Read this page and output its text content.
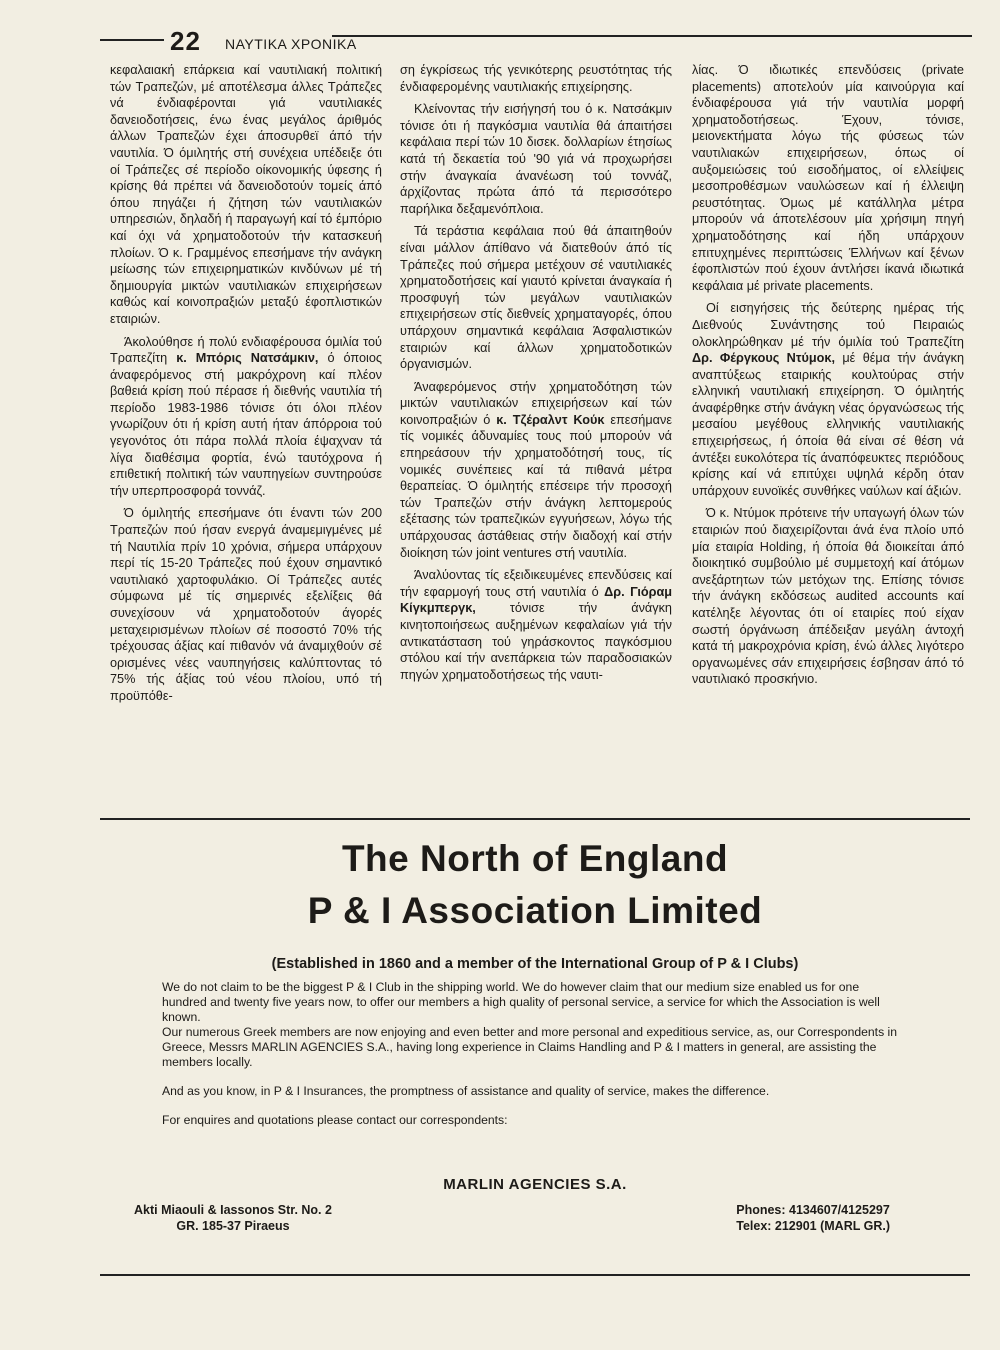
22 ΝΑΥΤΙΚΑ ΧΡΟΝΙΚΑ

κεφαλαιακή επάρκεια καί ναυτιλιακή πολιτική τών Τραπεζών, μέ αποτέλεσμα άλλες Τράπεζες νά ένδιαφέρονται γιά ναυτιλιακές δανειοδοτήσεις, ένω ένας μεγάλος άριθμός άλλων Τραπεζών έχει άποσυρθεϊ άπό τήν ναυτιλία. Ό όμιλητής στή συνέχεια υπέδειξε ότι οί Τράπεζες σέ περίοδο οίκονομικής ύφεσης ή κρίσης θά πρέπει νά δανειοδοτούν τομείς άπό όπου πηγάζει ή ζήτηση τών ναυτιλιακών υπηρεσιών, δηλαδή ή παραγωγή καί τό έμπόριο καί όχι νά χρηματοδοτούν τήν κατασκευή πλοίων. Ό κ. Γραμμένος επεσήμανε τήν ανάγκη μείωσης τών επιχειρηματικών κινδύνων μέ τή δημιουργία μικτών ναυτιλιακών επιχειρήσεων καθώς καί κοινοπραξιών μεταξύ έφοπλιστικών εταιριών.

Άκολούθησε ή πολύ ενδιαφέρουσα όμιλία τού Τραπεζίτη κ. Μπόρις Νατσάμκιν, ό όποιος άναφερόμενος στή μακρόχρονη καί πλέον βαθειά κρίση πού πέρασε ή διεθνής ναυτιλία τή περίοδο 1983-1986 τόνισε ότι όλοι πλέον γνωρίζουν ότι ή κρίση αυτή ήταν άπόρροια τού γεγονότος ότι πάρα πολλά πλοία έψαχναν τά λίγα διαθέσιμα φορτία, ένώ ταυτόχρονα ή επιθετική πολιτική τών ναυπηγείων συντηρούσε τήν υπερπροσφορά τοννάζ.

Ό όμιλητής επεσήμανε ότι έναντι τών 200 Τραπεζών πού ήσαν ενεργά άναμεμιγμένες μέ τή Ναυτιλία πρίν 10 χρόνια, σήμερα υπάρχουν περί τίς 15-20 Τράπεζες πού έχουν σημαντικό ναυτιλιακό χαρτοφυλάκιο. Οί Τράπεζες αυτές σύμφωνα μέ τίς σημερινές εξελίξεις θά συνεχίσουν νά χρηματοδοτούν άγορές μεταχειρισμένων πλοίων σέ ποσοστό 70% τής τρέχουσας άξίας καί πιθανόν νά άναμιχθούν σέ ορισμένες νέες ναυπηγήσεις καλύπτοντας τό 75% τής άξίας τού νέου πλοίου, υπό τή προϋπόθε-

ση έγκρίσεως τής γενικότερης ρευστότητας τής ένδιαφερομένης ναυτιλιακής επιχείρησης.

Κλείνοντας τήν εισήγησή του ό κ. Νατσάκμιν τόνισε ότι ή παγκόσμια ναυτιλία θά άπαιτήσει κεφάλαια περί τών 10 δισεκ. δολλαρίων έτησίως κατά τή δεκαετία τού '90 γιά νά προχωρήσει στήν άναγκαία άνανέωση τού τοννάζ, άρχίζοντας πρώτα άπό τά περισσότερο παρήλικα δεξαμενόπλοια.

Τά τεράστια κεφάλαια πού θά άπαιτηθούν είναι μάλλον άπίθανο νά διατεθούν άπό τίς Τράπεζες πού σήμερα μετέχουν σέ ναυτιλιακές χρηματοδοτήσεις καί γιαυτό κρίνεται άναγκαία ή προσφυγή τών μεγάλων ναυτιλιακών επιχειρήσεων στίς διεθνείς χρηματαγορές, όπου υπάρχουν σημαντικά κεφάλαια Άσφαλιστικών εταιριών καί άλλων χρηματοδοτικών όργανισμών.

Άναφερόμενος στήν χρηματοδότηση τών μικτών ναυτιλιακών επιχειρήσεων καί τών κοινοπραξιών ό κ. Τζέραλντ Κούκ επεσήμανε τίς νομικές άδυναμίες τους πού μπορούν νά επηρεάσουν τήν χρηματοδότησή τους, τίς νομικές συνέπειες καί τά πιθανά μέτρα θεραπείας. Ό όμιλητής επέσειρε τήν προσοχή τών Τραπεζών στήν άνάγκη λεπτομερούς εξέτασης τών τραπεζικών εγγυήσεων, λόγω τής υπάρχουσας άστάθειας στήν διαδοχή καί στήν διοίκηση τών joint ventures στή ναυτιλία.

Άναλύοντας τίς εξειδικευμένες επενδύσεις καί τήν εφαρμογή τους στή ναυτιλία ό Δρ. Γιόραμ Κίγκμπεργκ, τόνισε τήν άνάγκη κινητοποιήσεως αυξημένων κεφαλαίων γιά τήν αντικατάσταση τού γηράσκοντος παγκόσμιου στόλου καί τήν ανεπάρκεια τών παραδοσιακών πηγών χρηματοδοτήσεως τής ναυτι-

λίας. Ό ιδιωτικές επενδύσεις (private placements) αποτελούν μία καινούργια καί ένδιαφέρουσα γιά τήν ναυτιλία μορφή χρηματοδοτήσεως. Έχουν, τόνισε, μειονεκτήματα λόγω τής φύσεως τών ναυτιλιακών επιχειρήσεων, όπως οί αυξομειώσεις τού εισοδήματος, οί ελλείψεις μεσοπροθέσμων ναυλώσεων καί ή έλλειψη ρευστότητας. Όμως μέ κατάλληλα μέτρα μπορούν νά άποτελέσουν μία χρήσιμη πηγή χρηματοδότησης καί ήδη υπάρχουν επιτυχημένες περιπτώσεις Έλλήνων καί ξένων έφοπλιστών πού έχουν άντλήσει ίκανά ιδιωτικά κεφάλαια μέ private placements.

Οί εισηγήσεις τής δεύτερης ημέρας τής Διεθνούς Συνάντησης τού Πειραιώς ολοκληρώθηκαν μέ τήν όμιλία τού Τραπεζίτη Δρ. Φέργκους Ντύμοκ, μέ θέμα τήν άνάγκη αναπτύξεως εταιρικής κουλτούρας στήν ελληνική ναυτιλιακή επιχείρηση. Ό όμιλητής άναφέρθηκε στήν άνάγκη νέας όργανώσεως τής μεσαίου μεγέθους ελληνικής ναυτιλιακής επιχειρήσεως, ή όποία θά είναι σέ θέση νά άντέξει ευκολότερα τίς άναπόφευκτες περιόδους κρίσης καί νά επιτύχει υψηλά κέρδη όταν υπάρχουν ευνοϊκές συνθήκες ναύλων καί άξιών.

Ό κ. Ντύμοκ πρότεινε τήν υπαγωγή όλων τών εταιριών πού διαχειρίζονται άνά ένα πλοίο υπό μία εταιρία Holding, ή όποία θά διοικείται άπό διοικητικό συμβούλιο μέ συμμετοχή καί άτόμων ανεξάρτητων τών μετόχων της. Επίσης τόνισε τήν άνάγκη εκδόσεως audited accounts καί κατέληξε λέγοντας ότι οί εταιρίες πού είχαν σωστή όργάνωση άπέδειξαν μεγάλη άντοχή κατά τή μακροχρόνια κρίση, ένώ άλλες λιγότερο οργανωμένες σάν επιχειρήσεις έσβησαν άπό τό ναυτιλιακό προσκήνιο.

The North of England
P & I Association Limited
(Established in 1860 and a member of the International Group of P & I Clubs)

We do not claim to be the biggest P & I Club in the shipping world. We do however claim that our medium size enabled us for one hundred and twenty five years now, to offer our members a high quality of personal service, a service for which the Association is well known.

Our numerous Greek members are now enjoying and even better and more personal and expeditious service, as, our Correspondents in Greece, Messrs MARLIN AGENCIES S.A., having long experience in Claims Handling and P & I matters in general, are assisting the members locally.

And as you know, in P & I Insurances, the promptness of assistance and quality of service, makes the difference.

For enquires and quotations please contact our correspondents:

MARLIN AGENCIES S.A.
Akti Miaouli & Iassonos Str. No. 2
GR. 185-37 Piraeus
Phones: 4134607/4125297
Telex: 212901 (MARL GR.)
